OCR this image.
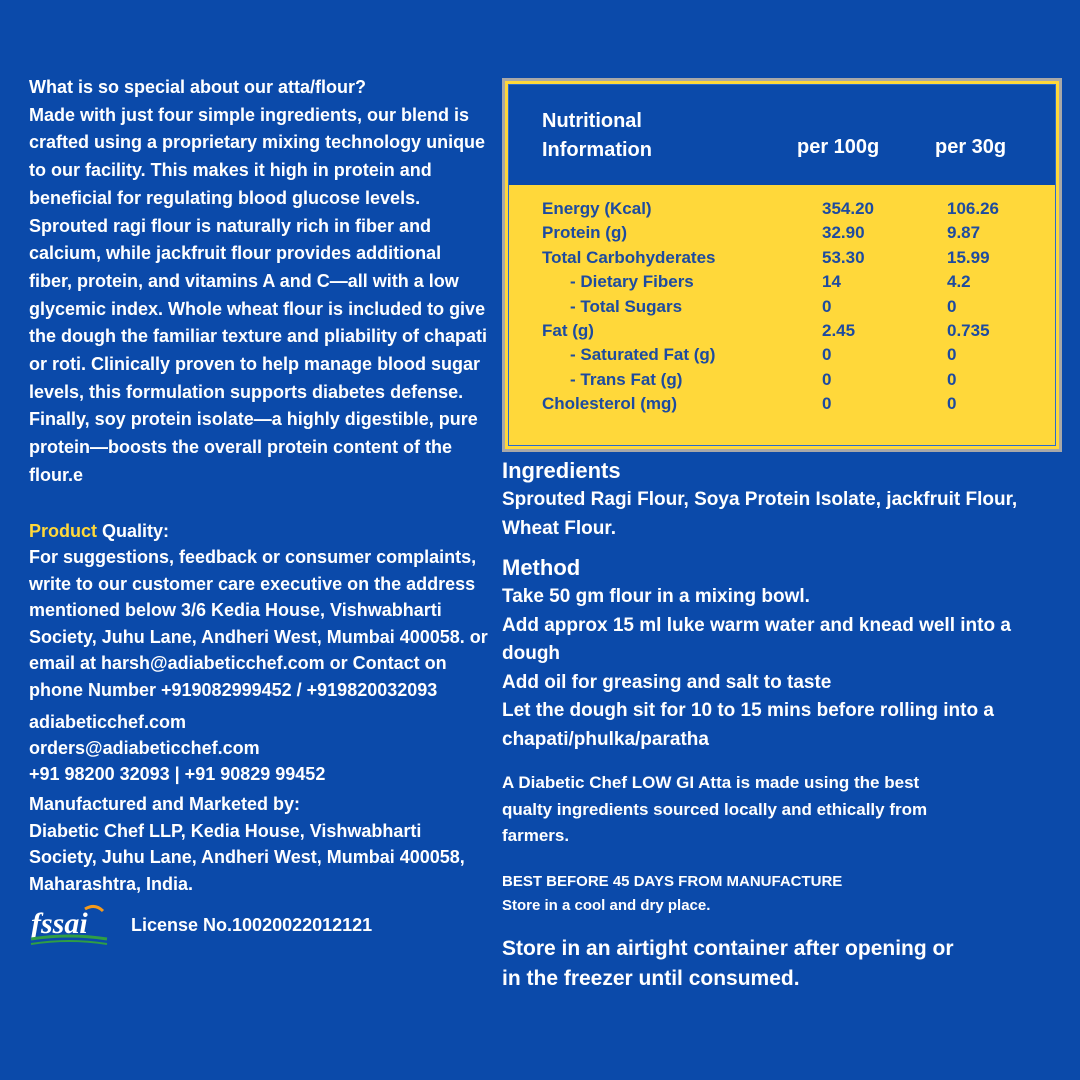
What is so special about our atta/flour?

Made with just four simple ingredients, our blend is crafted using a proprietary mixing technology unique to our facility. This makes it high in protein and beneficial for regulating blood glucose levels. Sprouted ragi flour is naturally rich in fiber and calcium, while jackfruit flour provides additional fiber, protein, and vitamins A and C—all with a low glycemic index. Whole wheat flour is included to give the dough the familiar texture and pliability of chapati or roti. Clinically proven to help manage blood sugar levels, this formulation supports diabetes defense. Finally, soy protein isolate—a highly digestible, pure protein—boosts the overall protein content of the flour.e

Product Quality:
For suggestions, feedback or consumer complaints, write to our customer care executive on the address mentioned below 3/6 Kedia House, Vishwabharti Society, Juhu Lane, Andheri West, Mumbai 400058. or email at harsh@adiabeticchef.com or Contact on phone Number +919082999452 / +919820032093
adiabeticchef.com
orders@adiabeticchef.com
+91 98200 32093 | +91 90829 99452
Manufactured and Marketed by:
Diabetic Chef LLP, Kedia House, Vishwabharti Society, Juhu Lane, Andheri West, Mumbai 400058, Maharashtra, India.
fssai License No.10020022012121
Nutritional
Information	per 100g	per 30g
Energy (Kcal)	354.20	106.26
Protein (g)	32.90	9.87
Total Carbohyderates	53.30	15.99
- Dietary Fibers	14	4.2
- Total Sugars	0	0
Fat (g)	2.45	0.735
- Saturated Fat (g)	0	0
- Trans Fat (g)	0	0
Cholesterol (mg)	0	0
Ingredients
Sprouted Ragi Flour, Soya Protein Isolate, jackfruit Flour, Wheat Flour.
Method
Take 50 gm flour in a mixing bowl.
Add approx 15 ml luke warm water and knead well into a dough
Add oil for greasing and salt to taste
Let the dough sit for 10 to 15 mins before rolling into a chapati/phulka/paratha
A Diabetic Chef LOW GI Atta is made using the best qualty ingredients sourced locally and ethically from farmers.
BEST BEFORE 45 DAYS FROM MANUFACTURE
Store in a cool and dry place.
Store in an airtight container after opening or in the freezer until consumed.
